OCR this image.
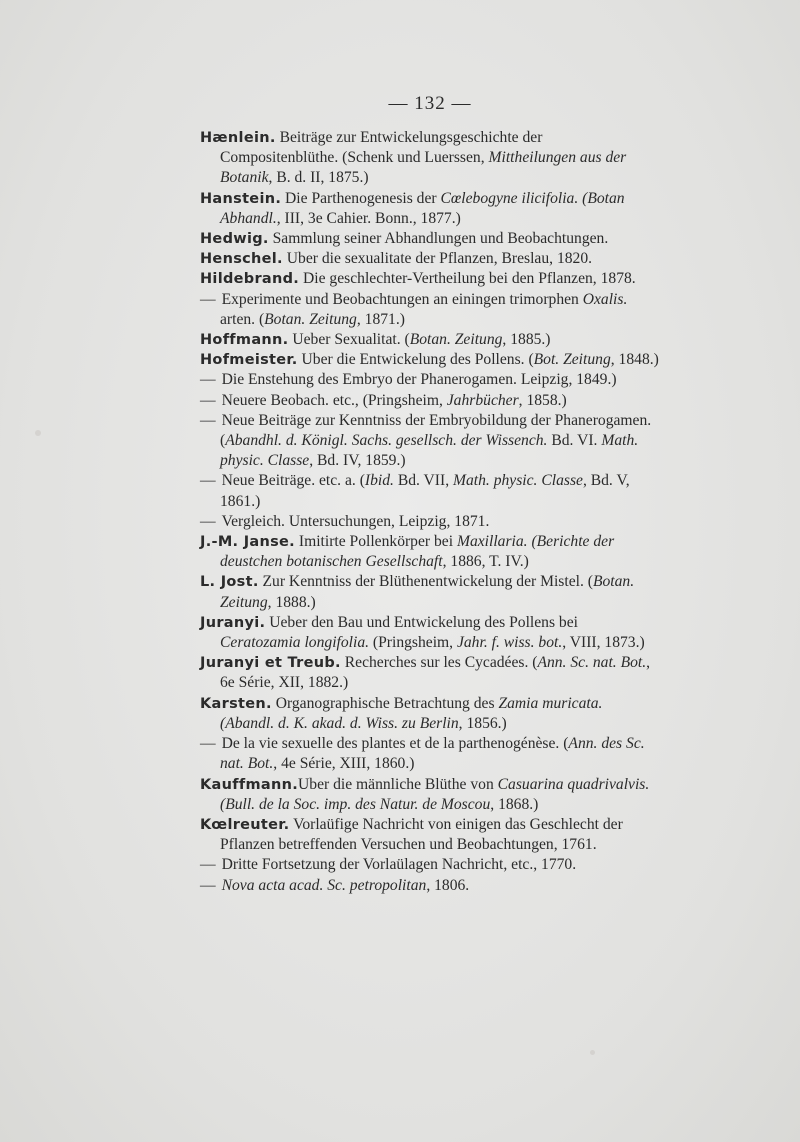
— 132 —

Hænlein. Beiträge zur Entwickelungsgeschichte der Compositenblüthe. (Schenk und Luerssen, Mittheilungen aus der Botanik, B. d. II, 1875.)

Hanstein. Die Parthenogenesis der Cœlebogyne ilicifolia. (Botan Abhandl., III, 3e Cahier. Bonn., 1877.)

Hedwig. Sammlung seiner Abhandlungen und Beobachtungen.

Henschel. Uber die sexualitate der Pflanzen, Breslau, 1820.

Hildebrand. Die geschlechter-Vertheilung bei den Pflanzen, 1878.

— Experimente und Beobachtungen an einingen trimorphen Oxalis. arten. (Botan. Zeitung, 1871.)

Hoffmann. Ueber Sexualitat. (Botan. Zeitung, 1885.)

Hofmeister. Uber die Entwickelung des Pollens. (Bot. Zeitung, 1848.)

— Die Enstehung des Embryo der Phanerogamen. Leipzig, 1849.)

— Neuere Beobach. etc., (Pringsheim, Jahrbücher, 1858.)

— Neue Beiträge zur Kenntniss der Embryobildung der Phanerogamen. (Abandhl. d. Königl. Sachs. gesellsch. der Wissench. Bd. VI. Math. physic. Classe, Bd. IV, 1859.)

— Neue Beiträge. etc. a. (Ibid. Bd. VII, Math. physic. Classe, Bd. V, 1861.)

— Vergleich. Untersuchungen, Leipzig, 1871.

J.-M. Janse. Imitirte Pollenkörper bei Maxillaria. (Berichte der deustchen botanischen Gesellschaft, 1886, T. IV.)

L. Jost. Zur Kenntniss der Blüthenentwickelung der Mistel. (Botan. Zeitung, 1888.)

Juranyi. Ueber den Bau und Entwickelung des Pollens bei Ceratozamia longifolia. (Pringsheim, Jahr. f. wiss. bot., VIII, 1873.)

Juranyi et Treub. Recherches sur les Cycadées. (Ann. Sc. nat. Bot., 6e Série, XII, 1882.)

Karsten. Organographische Betrachtung des Zamia muricata. (Abandl. d. K. akad. d. Wiss. zu Berlin, 1856.)

— De la vie sexuelle des plantes et de la parthenogénèse. (Ann. des Sc. nat. Bot., 4e Série, XIII, 1860.)

Kauffmann.Uber die männliche Blüthe von Casuarina quadrivalvis. (Bull. de la Soc. imp. des Natur. de Moscou, 1868.)

Kœlreuter. Vorlaüfige Nachricht von einigen das Geschlecht der Pflanzen betreffenden Versuchen und Beobachtungen, 1761.

— Dritte Fortsetzung der Vorlaülagen Nachricht, etc., 1770.

— Nova acta acad. Sc. petropolitan, 1806.
